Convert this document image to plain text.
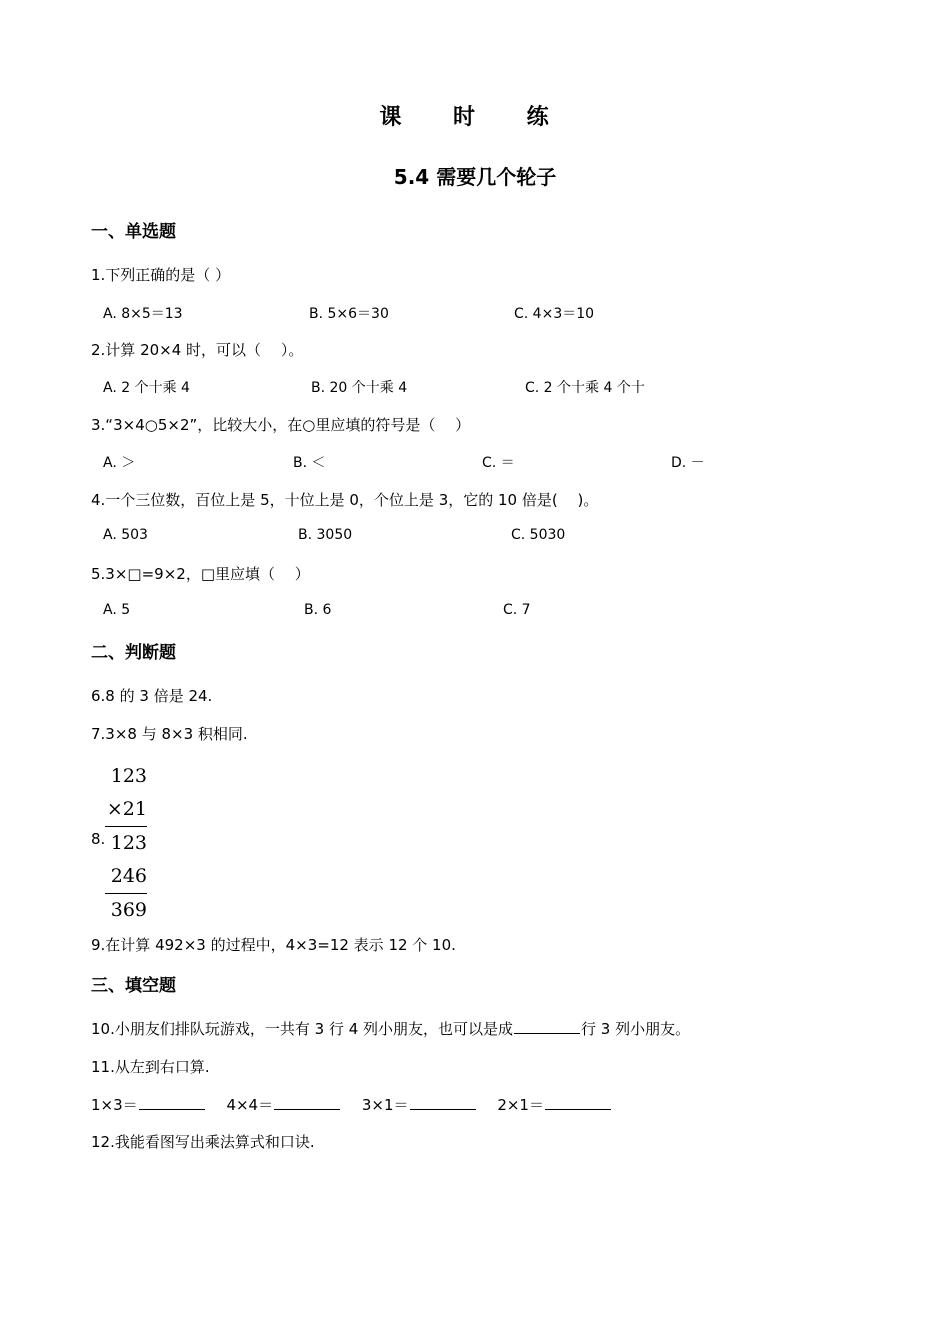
课 时 练
5.4 需要几个轮子
一、单选题
1.下列正确的是（ ）
A. 8×5＝13	B. 5×6＝30	C. 4×3＝10
2.计算 20×4 时，可以（　 ）。
A. 2 个十乘 4	B. 20 个十乘 4	C. 2 个十乘 4 个十
3.“3×4○5×2”，比较大小，在○里应填的符号是（　 ）
A. ＞	B. ＜	C. ＝	D. －
4.一个三位数，百位上是 5，十位上是 0，个位上是 3，它的 10 倍是(　 )。
A. 503	B. 3050	C. 5030
5.3×□=9×2，□里应填（　 ）
A. 5	B. 6	C. 7
二、判断题
6.8 的 3 倍是 24.
7.3×8 与 8×3 积相同.
8.
123
×21
123
246
369
9.在计算 492×3 的过程中，4×3=12 表示 12 个 10.
三、填空题
10.小朋友们排队玩游戏，一共有 3 行 4 列小朋友，也可以是成	行 3 列小朋友。
11.从左到右口算.
1×3＝	4×4＝	3×1＝	2×1＝
12.我能看图写出乘法算式和口诀.
